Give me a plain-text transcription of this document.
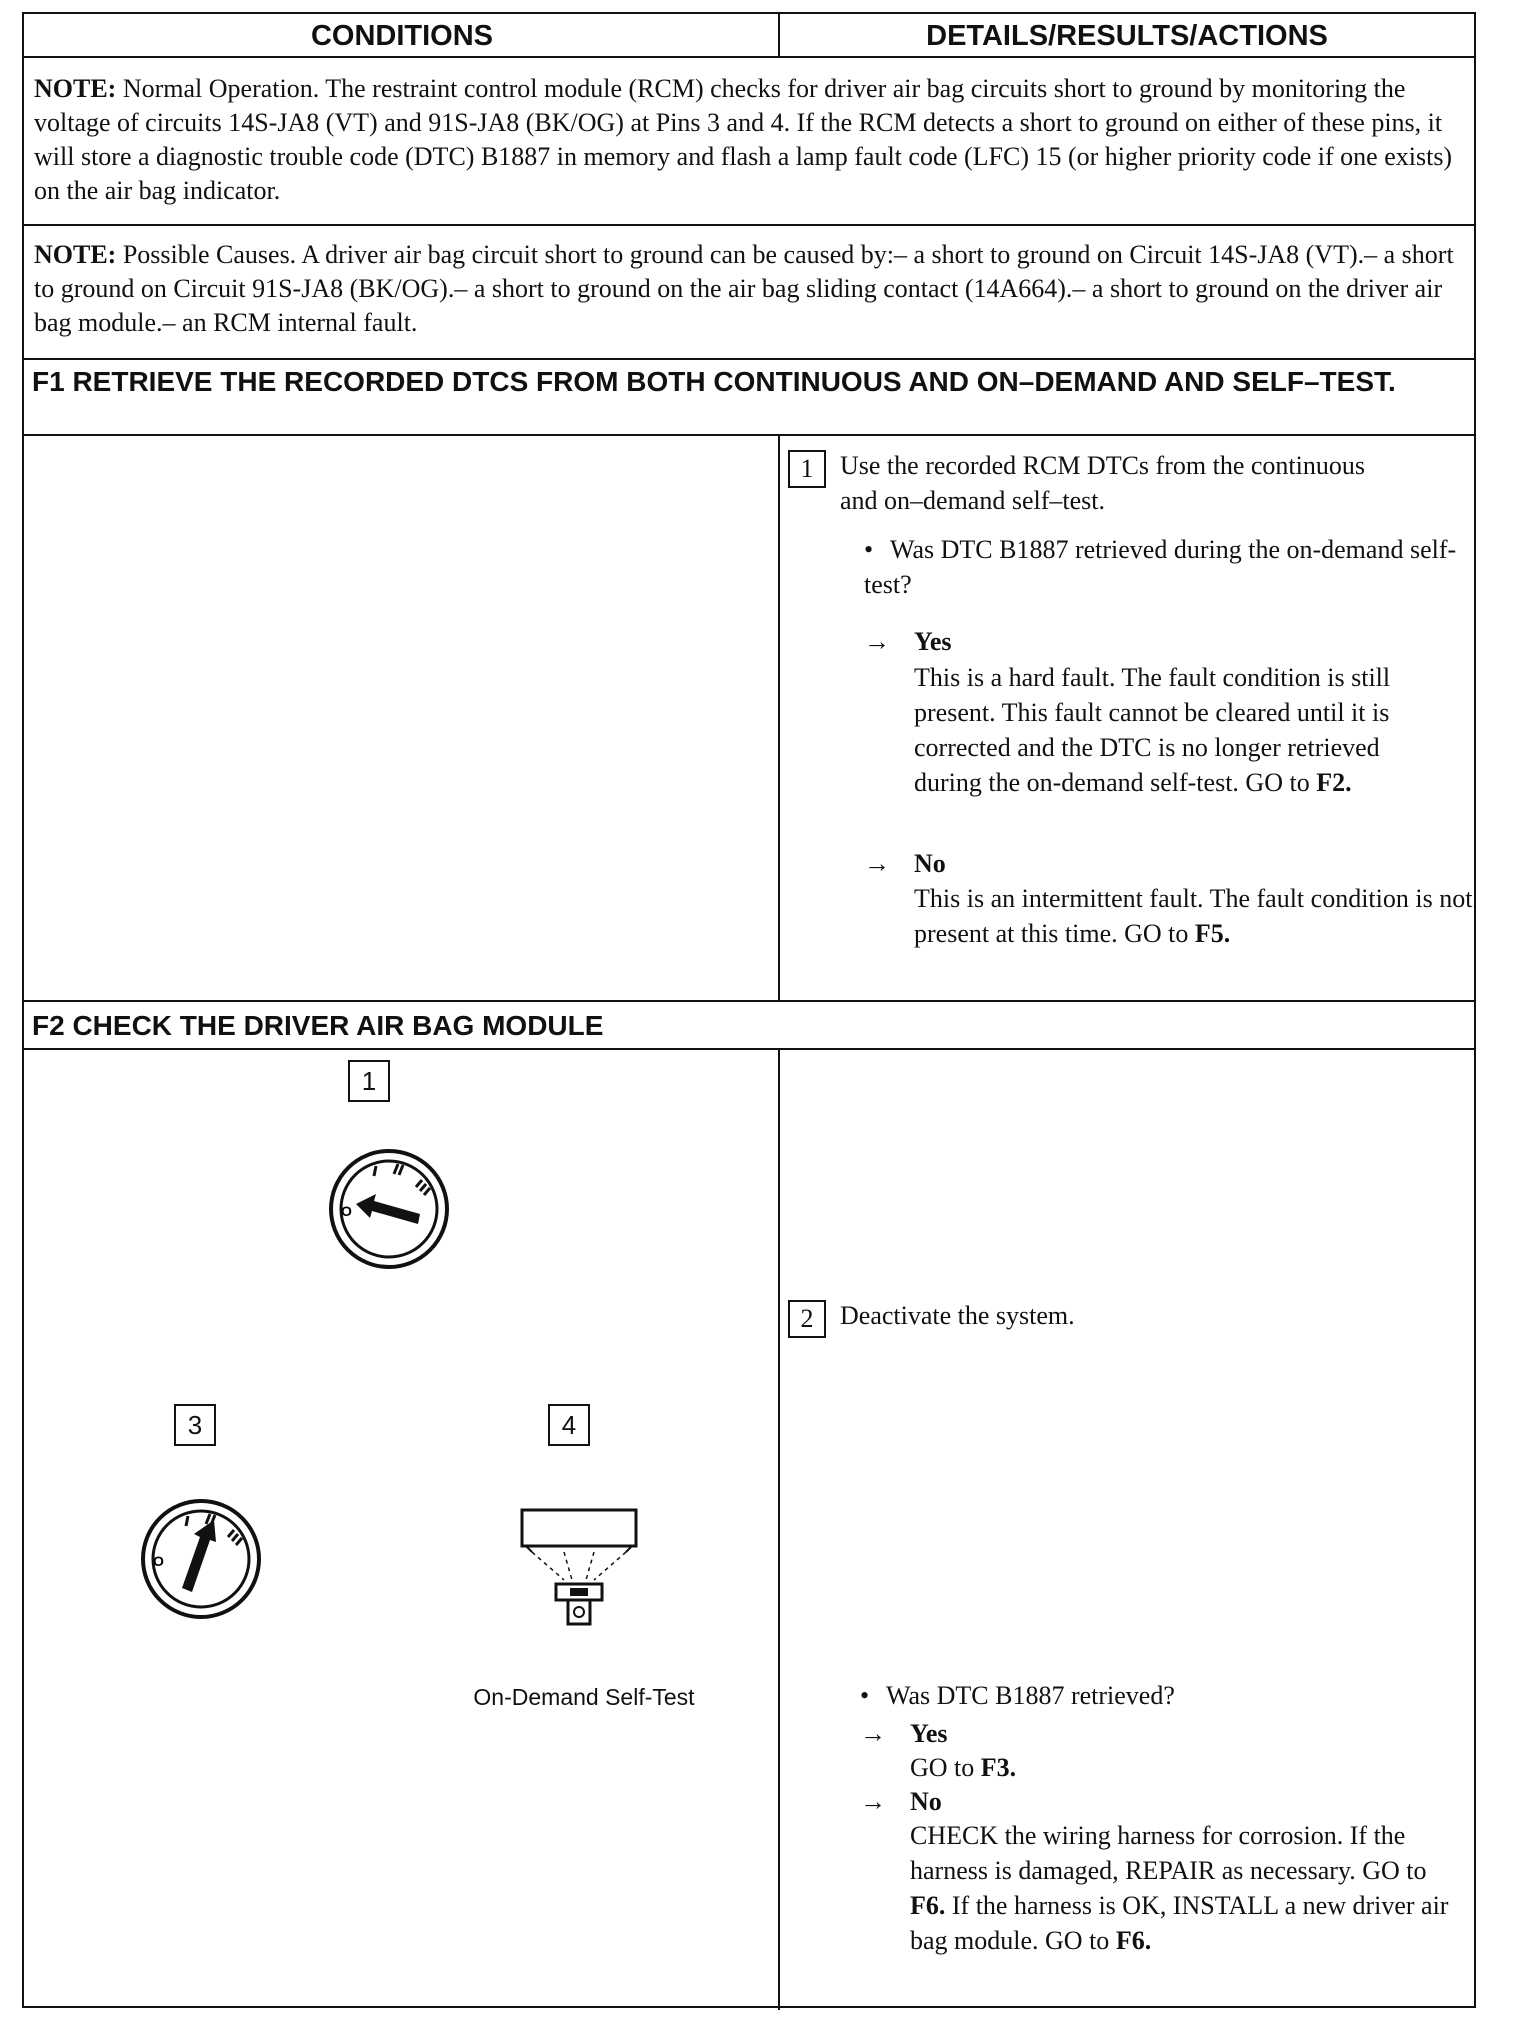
CONDITIONS	DETAILS/RESULTS/ACTIONS
NOTE: Normal Operation. The restraint control module (RCM) checks for driver air bag circuits short to ground by monitoring the voltage of circuits 14S-JA8 (VT) and 91S-JA8 (BK/OG) at Pins 3 and 4. If the RCM detects a short to ground on either of these pins, it will store a diagnostic trouble code (DTC) B1887 in memory and flash a lamp fault code (LFC) 15 (or higher priority code if one exists) on the air bag indicator.
NOTE: Possible Causes. A driver air bag circuit short to ground can be caused by:– a short to ground on Circuit 14S-JA8 (VT).– a short to ground on Circuit 91S-JA8 (BK/OG).– a short to ground on the air bag sliding contact (14A664).– a short to ground on the driver air bag module.– an RCM internal fault.
F1 RETRIEVE THE RECORDED DTCS FROM BOTH CONTINUOUS AND ON–DEMAND AND SELF–TEST.
1	Use the recorded RCM DTCs from the continuous and on–demand self–test.
• Was DTC B1887 retrieved during the on-demand self-test?
→ Yes
This is a hard fault. The fault condition is still present. This fault cannot be cleared until it is corrected and the DTC is no longer retrieved during the on-demand self-test. GO to F2.
→ No
This is an intermittent fault. The fault condition is not present at this time. GO to F5.
F2 CHECK THE DRIVER AIR BAG MODULE
1
O
3
O
4
On-Demand Self-Test
2	Deactivate the system.
• Was DTC B1887 retrieved?
→ Yes
GO to F3.
→ No
CHECK the wiring harness for corrosion. If the harness is damaged, REPAIR as necessary. GO to F6. If the harness is OK, INSTALL a new driver air bag module. GO to F6.
